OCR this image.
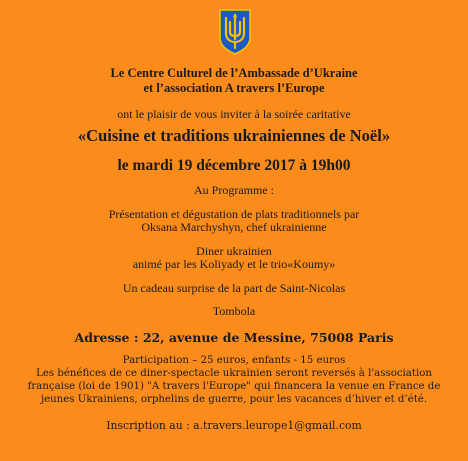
Le Centre Culturel de l’Ambassade d’Ukraine
et l’association A travers l’Europe
ont le plaisir de vous inviter à la soirée caritative
«Cuisine et traditions ukrainiennes de Noël»
le mardi 19 décembre 2017 à 19h00
Au Programme :
Présentation et dégustation de plats traditionnels par
Oksana Marchyshyn, chef ukrainienne
Diner ukrainien
animé par les Koliyady et le trio«Koumy»
Un cadeau surprise de la part de Saint-Nicolas
Tombola
Adresse : 22, avenue de Messine, 75008 Paris
Participation – 25 euros, enfants - 15 euros
Les bénéfices de ce diner-spectacle ukrainien seront reversés à l'association
française (loi de 1901) "A travers l'Europe" qui financera la venue en France de
jeunes Ukrainiens, orphelins de guerre, pour les vacances d’hiver et d’été.
Inscription au : a.travers.leurope1@gmail.com
